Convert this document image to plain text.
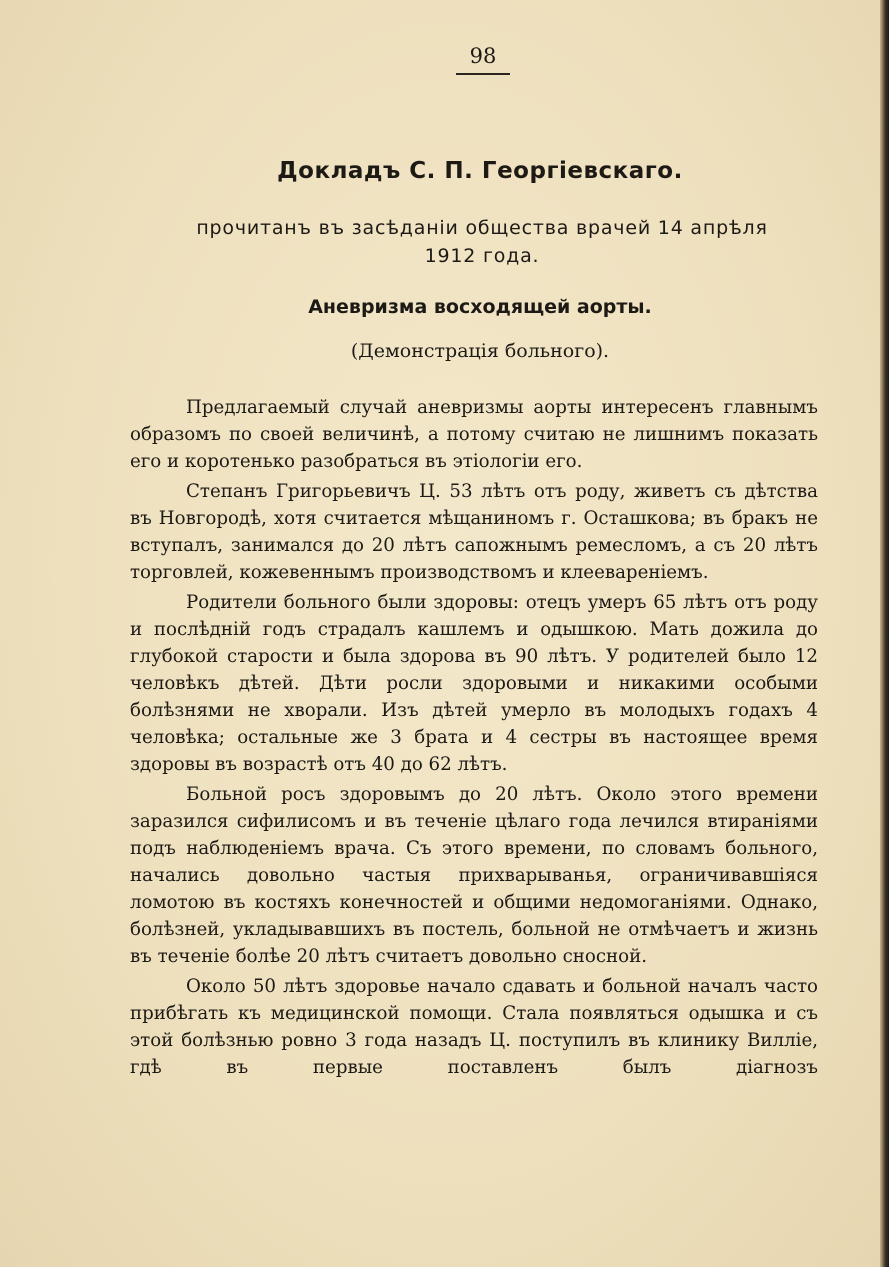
98
Докладъ С. П. Георгіевскаго.
прочитанъ въ засѣданіи общества врачей 14 апрѣля
1912 года.
Аневризма восходящей аорты.
(Демонстрація больного).

Предлагаемый случай аневризмы аорты интересенъ главнымъ образомъ по своей величинѣ, а потому считаю не лишнимъ показать его и коротенько разобраться въ этіологіи его.

Степанъ Григорьевичъ Ц. 53 лѣтъ отъ роду, живетъ съ дѣтства въ Новгородѣ, хотя считается мѣщаниномъ г. Осташкова; въ бракъ не вступалъ, занимался до 20 лѣтъ сапожнымъ ремесломъ, а съ 20 лѣтъ торговлей, кожевеннымъ производствомъ и клееваренiемъ.

Родители больного были здоровы: отецъ умеръ 65 лѣтъ отъ роду и послѣдній годъ страдалъ кашлемъ и одышкою. Мать дожила до глубокой старости и была здорова въ 90 лѣтъ. У родителей было 12 человѣкъ дѣтей. Дѣти росли здоровыми и никакими особыми болѣзнями не хворали. Изъ дѣтей умерло въ молодыхъ годахъ 4 человѣка; остальные же 3 брата и 4 сестры въ настоящее время здоровы въ возрастѣ отъ 40 до 62 лѣтъ.

Больной росъ здоровымъ до 20 лѣтъ. Около этого времени заразился сифилисомъ и въ теченіе цѣлаго года лечился втираніями подъ наблюденіемъ врача. Съ этого времени, по словамъ больного, начались довольно частыя прихварыванья, ограничивавшіяся ломотою въ костяхъ конечностей и общими недомоганіями. Однако, болѣзней, укладывавшихъ въ постель, больной не отмѣчаетъ и жизнь въ теченіе болѣе 20 лѣтъ считаетъ довольно сносной.

Около 50 лѣтъ здоровье начало сдавать и больной началъ часто прибѣгать къ медицинской помощи. Стала появляться одышка и съ этой болѣзнью ровно 3 года назадъ Ц. поступилъ въ клинику Вилліе, гдѣ въ первые поставленъ былъ діагнозъ
